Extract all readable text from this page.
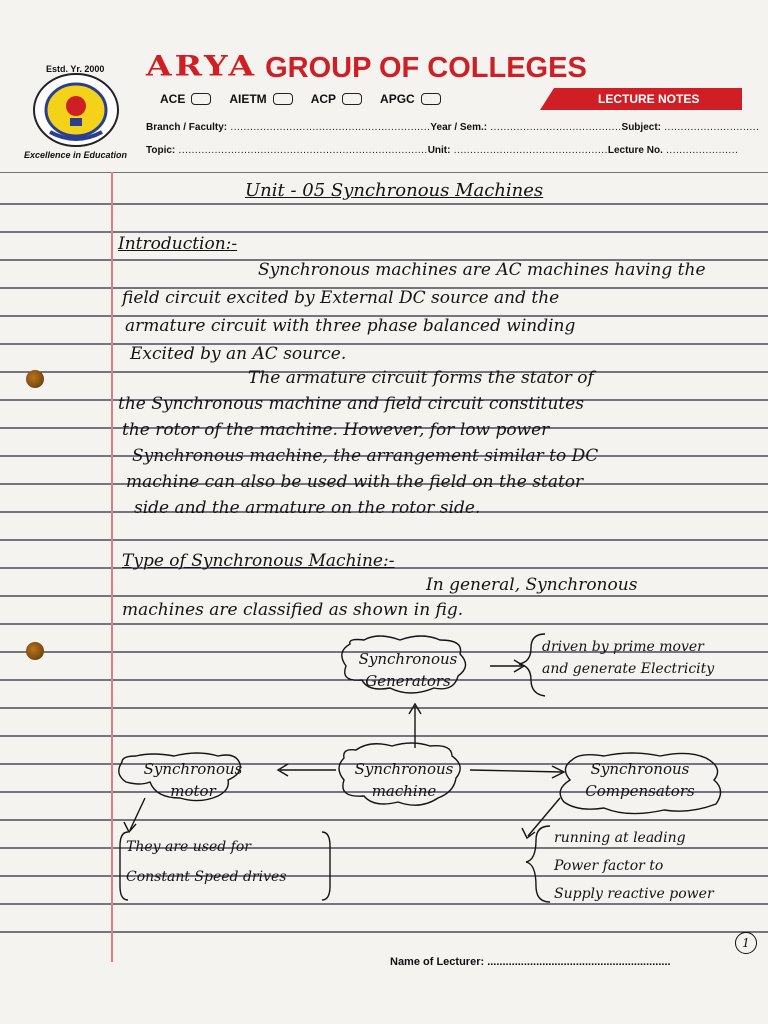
Estd. Yr. 2000
Excellence in Education
ARYA GROUP OF COLLEGES
ACE	AIETM	ACP	APGC	LECTURE NOTES
Branch / Faculty: .............................................................Year / Sem.: ........................................Subject: .............................
Topic: ............................................................................Unit: ...............................................Lecture No. ......................
Unit - 05 Synchronous Machines
Introduction:-
Synchronous machines are AC machines having the
field circuit excited by External DC source and the
armature circuit with three phase balanced winding
Excited by an AC source.
The armature circuit forms the stator of
the Synchronous machine and field circuit constitutes
the rotor of the machine. However, for low power
Synchronous machine, the arrangement similar to DC
machine can also be used with the field on the stator
side and the armature on the rotor side.
Type of Synchronous Machine:-
In general, Synchronous
machines are classified as shown in fig.
Synchronous
Generators
driven by prime mover
and generate Electricity
Synchronous
machine
Synchronous
motor
They are used for
Constant Speed drives
Synchronous
Compensators
running at leading
Power factor to
Supply reactive power
1
Name of Lecturer: ............................................................
